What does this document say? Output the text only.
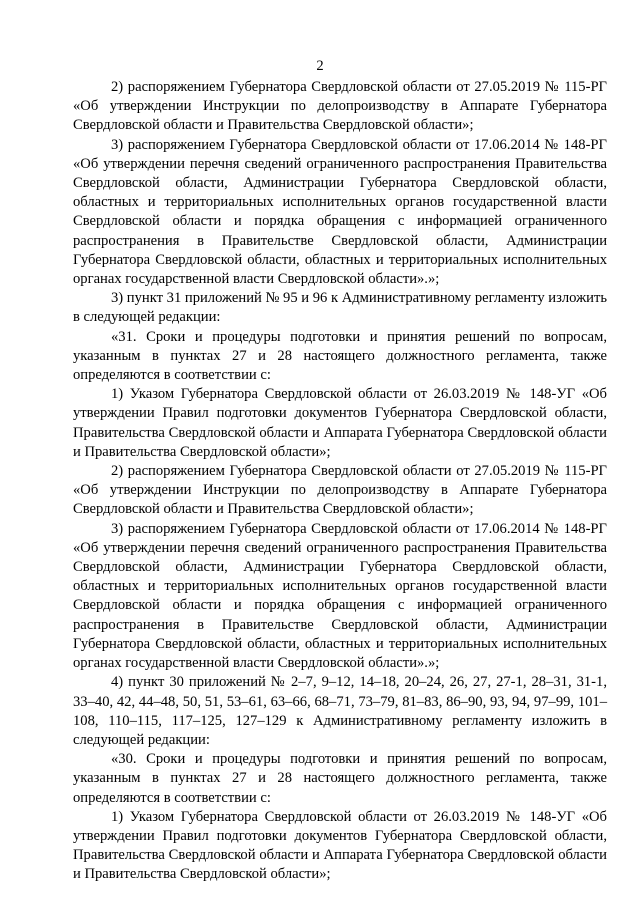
2

2) распоряжением Губернатора Свердловской области от 27.05.2019 № 115-РГ «Об утверждении Инструкции по делопроизводству в Аппарате Губернатора Свердловской области и Правительства Свердловской области»;

3) распоряжением Губернатора Свердловской области от 17.06.2014 № 148-РГ «Об утверждении перечня сведений ограниченного распространения Правительства Свердловской области, Администрации Губернатора Свердловской области, областных и территориальных исполнительных органов государственной власти Свердловской области и порядка обращения с информацией ограниченного распространения в Правительстве Свердловской области, Администрации Губернатора Свердловской области, областных и территориальных исполнительных органах государственной власти Свердловской области».»;

3) пункт 31 приложений № 95 и 96 к Административному регламенту изложить в следующей редакции:

«31. Сроки и процедуры подготовки и принятия решений по вопросам, указанным в пунктах 27 и 28 настоящего должностного регламента, также определяются в соответствии с:

1) Указом Губернатора Свердловской области от 26.03.2019 № 148-УГ «Об утверждении Правил подготовки документов Губернатора Свердловской области, Правительства Свердловской области и Аппарата Губернатора Свердловской области и Правительства Свердловской области»;

2) распоряжением Губернатора Свердловской области от 27.05.2019 № 115-РГ «Об утверждении Инструкции по делопроизводству в Аппарате Губернатора Свердловской области и Правительства Свердловской области»;

3) распоряжением Губернатора Свердловской области от 17.06.2014 № 148-РГ «Об утверждении перечня сведений ограниченного распространения Правительства Свердловской области, Администрации Губернатора Свердловской области, областных и территориальных исполнительных органов государственной власти Свердловской области и порядка обращения с информацией ограниченного распространения в Правительстве Свердловской области, Администрации Губернатора Свердловской области, областных и территориальных исполнительных органах государственной власти Свердловской области».»;

4) пункт 30 приложений № 2–7, 9–12, 14–18, 20–24, 26, 27, 27-1, 28–31, 31-1, 33–40, 42, 44–48, 50, 51, 53–61, 63–66, 68–71, 73–79, 81–83, 86–90, 93, 94, 97–99, 101–108, 110–115, 117–125, 127–129 к Административному регламенту изложить в следующей редакции:

«30. Сроки и процедуры подготовки и принятия решений по вопросам, указанным в пунктах 27 и 28 настоящего должностного регламента, также определяются в соответствии с:

1) Указом Губернатора Свердловской области от 26.03.2019 № 148-УГ «Об утверждении Правил подготовки документов Губернатора Свердловской области, Правительства Свердловской области и Аппарата Губернатора Свердловской области и Правительства Свердловской области»;
